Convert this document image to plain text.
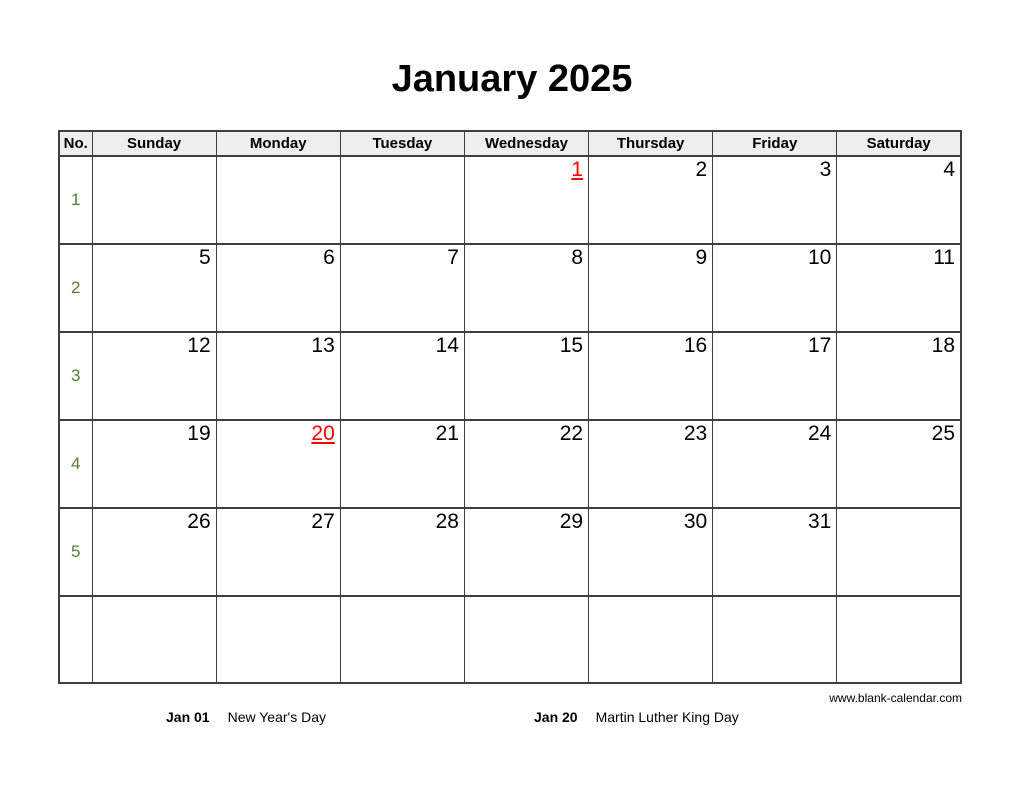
January 2025
No.	Sunday	Monday	Tuesday	Wednesday	Thursday	Friday	Saturday
1				1	2	3	4
2	5	6	7	8	9	10	11
3	12	13	14	15	16	17	18
4	19	20	21	22	23	24	25
5	26	27	28	29	30	31	

www.blank-calendar.com
Jan 01 New Year's Day	Jan 20 Martin Luther King Day
